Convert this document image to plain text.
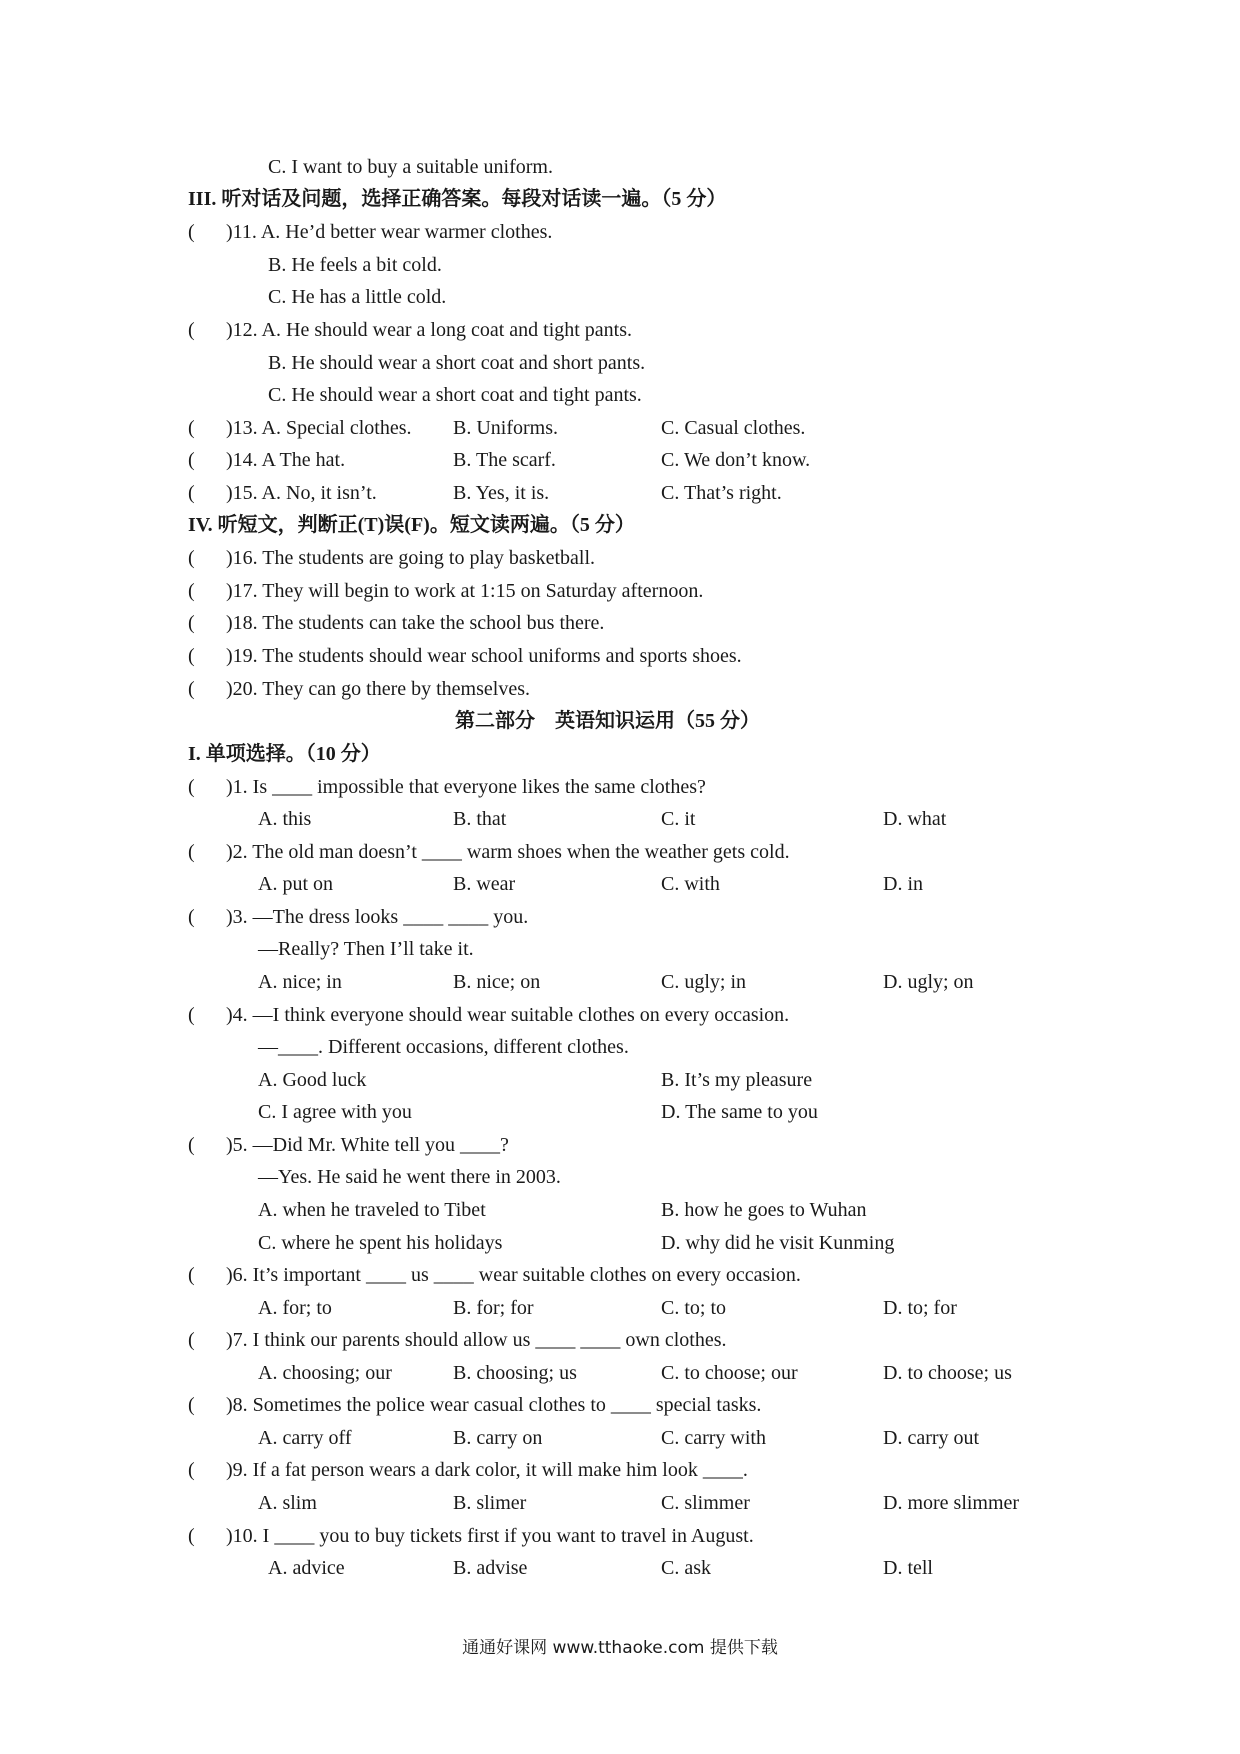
C. I want to buy a suitable uniform.
III. 听对话及问题，选择正确答案。每段对话读一遍。（5 分）
( )11. A. He’d better wear warmer clothes.
B. He feels a bit cold.
C. He has a little cold.
( )12. A. He should wear a long coat and tight pants.
B. He should wear a short coat and short pants.
C. He should wear a short coat and tight pants.
( )13. A. Special clothes. B. Uniforms.	C. Casual clothes.
( )14. A The hat.	B. The scarf.	C. We don’t know.
( )15. A. No, it isn’t.	B. Yes, it is.	C. That’s right.
IV. 听短文，判断正(T)误(F)。短文读两遍。（5 分）
( )16. The students are going to play basketball.
( )17. They will begin to work at 1:15 on Saturday afternoon.
( )18. The students can take the school bus there.
( )19. The students should wear school uniforms and sports shoes.
( )20. They can go there by themselves.
第二部分　英语知识运用（55 分）
I. 单项选择。（10 分）
( )1. Is ____ impossible that everyone likes the same clothes?
A. this	B. that	C. it	D. what
( )2. The old man doesn’t ____ warm shoes when the weather gets cold.
A. put on	B. wear	C. with	D. in
( )3. —The dress looks ____ ____ you.
—Really? Then I’ll take it.
A. nice; in	B. nice; on	C. ugly; in	D. ugly; on
( )4. —I think everyone should wear suitable clothes on every occasion.
—____. Different occasions, different clothes.
A. Good luck	B. It’s my pleasure
C. I agree with you	D. The same to you
( )5. —Did Mr. White tell you ____?
—Yes. He said he went there in 2003.
A. when he traveled to Tibet	B. how he goes to Wuhan
C. where he spent his holidays	D. why did he visit Kunming
( )6. It’s important ____ us ____ wear suitable clothes on every occasion.
A. for; to	B. for; for	C. to; to	D. to; for
( )7. I think our parents should allow us ____ ____ own clothes.
A. choosing; our	B. choosing; us	C. to choose; our	D. to choose; us
( )8. Sometimes the police wear casual clothes to ____ special tasks.
A. carry off	B. carry on	C. carry with	D. carry out
( )9. If a fat person wears a dark color, it will make him look ____.
A. slim	B. slimer	C. slimmer	D. more slimmer
( )10. I ____ you to buy tickets first if you want to travel in August.
A. advice	B. advise	C. ask	D. tell
通通好课网 www.tthaoke.com 提供下载
